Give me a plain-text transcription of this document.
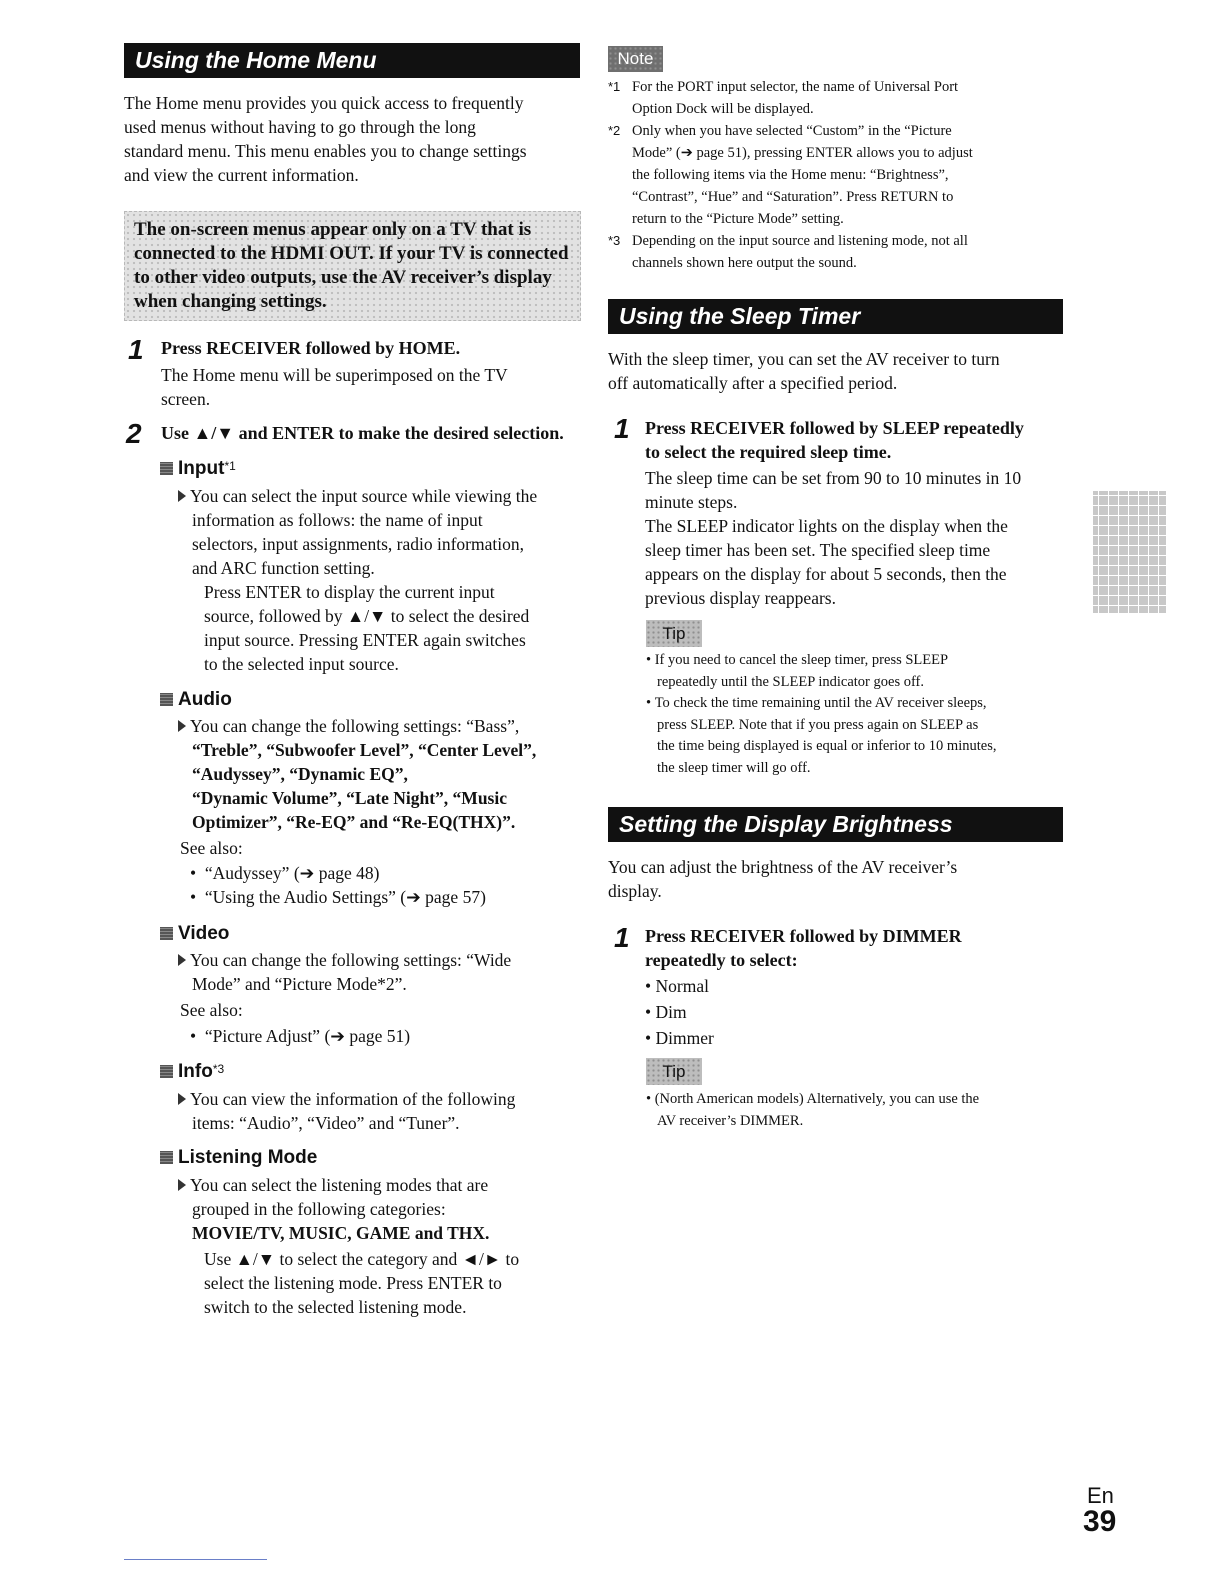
Using the Home Menu
The Home menu provides you quick access to frequently
used menus without having to go through the long
standard menu. This menu enables you to change settings
and view the current information.
The on-screen menus appear only on a TV that is
connected to the HDMI OUT. If your TV is connected
to other video outputs, use the AV receiver’s display
when changing settings.
1 Press RECEIVER followed by HOME.
The Home menu will be superimposed on the TV
screen.
2 Use ▲/▼ and ENTER to make the desired selection.
Input$^{*1}$
You can select the input source while viewing the
information as follows: the name of input
selectors, input assignments, radio information,
and ARC function setting.
Press ENTER to display the current input
source, followed by ▲/▼ to select the desired
input source. Pressing ENTER again switches
to the selected input source.
Audio
You can change the following settings: “Bass”,
“Treble”, “Subwoofer Level”, “Center Level”,
“Audyssey”, “Dynamic EQ”,
“Dynamic Volume”, “Late Night”, “Music
Optimizer”, “Re-EQ” and “Re-EQ(THX)”.
See also:
•  “Audyssey” (➔ page 48)
•  “Using the Audio Settings” (➔ page 57)
Video
You can change the following settings: “Wide
Mode” and “Picture Mode*2”.
See also:
•  “Picture Adjust” (➔ page 51)
Info$^{*3}$
You can view the information of the following
items: “Audio”, “Video” and “Tuner”.
Listening Mode
You can select the listening modes that are
grouped in the following categories:
MOVIE/TV, MUSIC, GAME and THX.
Use ▲/▼ to select the category and ◄/► to
select the listening mode. Press ENTER to
switch to the selected listening mode.
Note
*1 For the PORT input selector, the name of Universal Port
Option Dock will be displayed.
*2 Only when you have selected “Custom” in the “Picture
Mode” (➔ page 51), pressing ENTER allows you to adjust
the following items via the Home menu: “Brightness”,
“Contrast”, “Hue” and “Saturation”. Press RETURN to
return to the “Picture Mode” setting.
*3 Depending on the input source and listening mode, not all
channels shown here output the sound.
Using the Sleep Timer
With the sleep timer, you can set the AV receiver to turn
off automatically after a specified period.
1 Press RECEIVER followed by SLEEP repeatedly
to select the required sleep time.
The sleep time can be set from 90 to 10 minutes in 10
minute steps.
The SLEEP indicator lights on the display when the
sleep timer has been set. The specified sleep time
appears on the display for about 5 seconds, then the
previous display reappears.
Tip
• If you need to cancel the sleep timer, press SLEEP
repeatedly until the SLEEP indicator goes off.
• To check the time remaining until the AV receiver sleeps,
press SLEEP. Note that if you press again on SLEEP as
the time being displayed is equal or inferior to 10 minutes,
the sleep timer will go off.
Setting the Display Brightness
You can adjust the brightness of the AV receiver’s
display.
1 Press RECEIVER followed by DIMMER
repeatedly to select:
• Normal
• Dim
• Dimmer
Tip
• (North American models) Alternatively, you can use the
AV receiver’s DIMMER.
En
39
